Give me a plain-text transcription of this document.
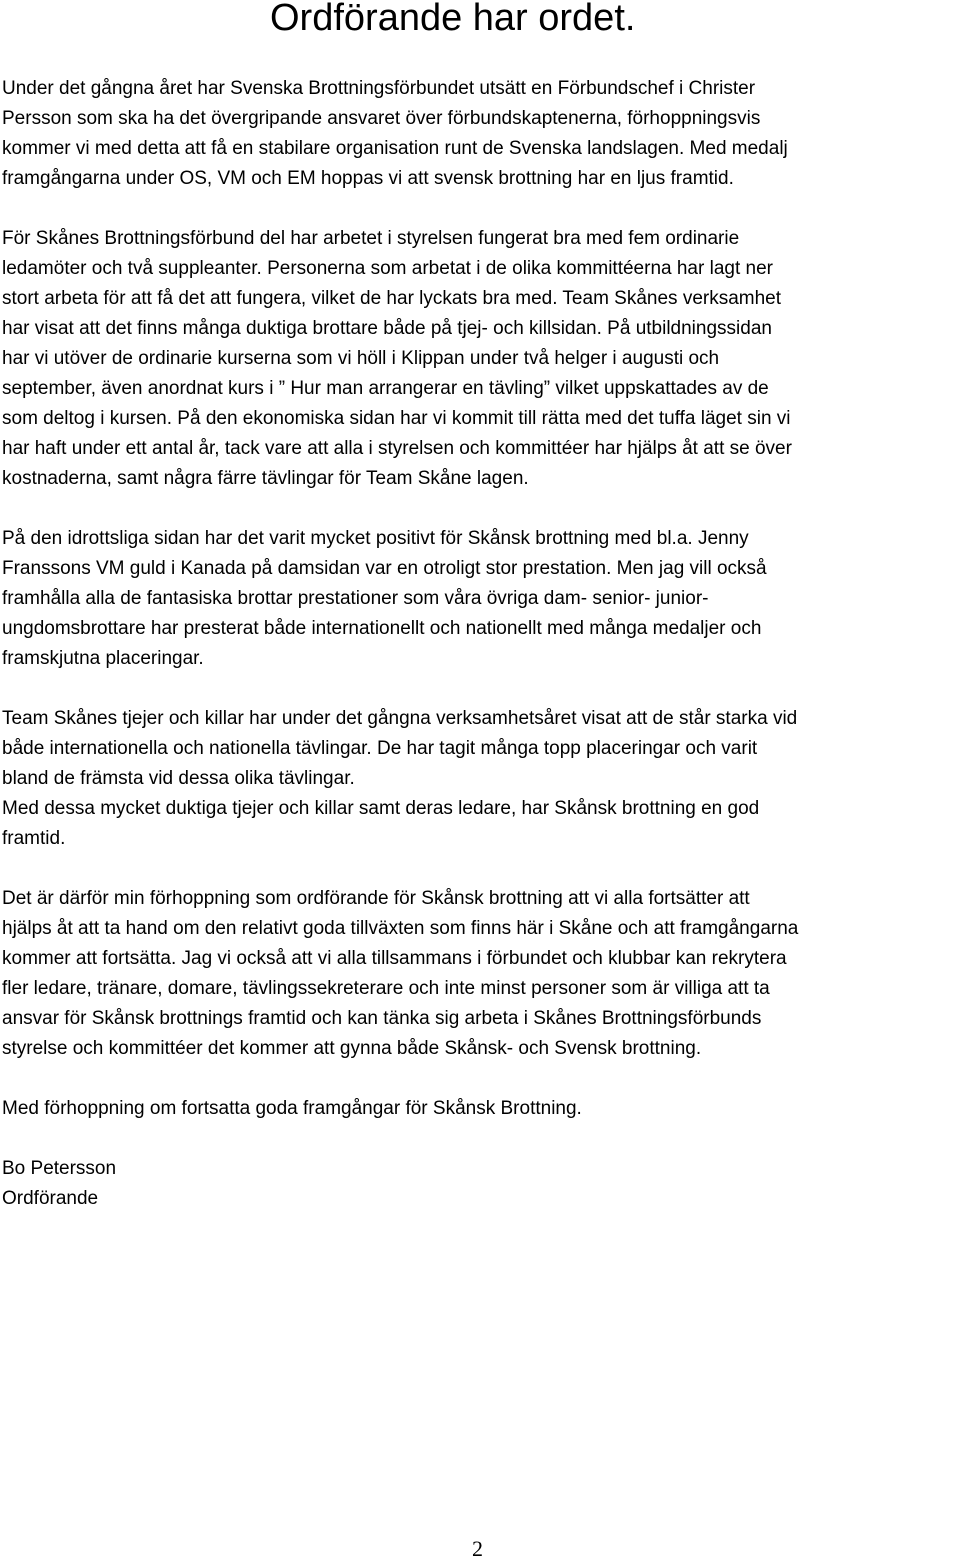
Ordförande har ordet.
Under det gångna året har Svenska Brottningsförbundet utsätt en Förbundschef i Christer
Persson som ska ha det övergripande ansvaret över förbundskaptenerna, förhoppningsvis
kommer vi med detta att få en stabilare organisation runt de Svenska landslagen. Med medalj
framgångarna under OS, VM och EM hoppas vi att svensk brottning har en ljus framtid.
För Skånes Brottningsförbund del har arbetet i styrelsen fungerat bra med fem ordinarie
ledamöter och två suppleanter. Personerna som arbetat i de olika kommittéerna har lagt ner
stort arbeta för att få det att fungera, vilket de har lyckats bra med. Team Skånes verksamhet
har visat att det finns många duktiga brottare både på tjej- och killsidan. På utbildningssidan
har vi utöver de ordinarie kurserna som vi höll i Klippan under två helger i augusti och
september, även anordnat kurs i ” Hur man arrangerar en tävling” vilket uppskattades av de
som deltog i kursen. På den ekonomiska sidan har vi kommit till rätta med det tuffa läget sin vi
har haft under ett antal år, tack vare att alla i styrelsen och kommittéer har hjälps åt att se över
kostnaderna, samt några färre tävlingar för Team Skåne lagen.
På den idrottsliga sidan har det varit mycket positivt för Skånsk brottning med bl.a. Jenny
Franssons VM guld i Kanada på damsidan var en otroligt stor prestation. Men jag vill också
framhålla alla de fantasiska brottar prestationer som våra övriga dam- senior- junior-
ungdomsbrottare har presterat både internationellt och nationellt med många medaljer och
framskjutna placeringar.
Team Skånes tjejer och killar har under det gångna verksamhetsåret visat att de står starka vid
både internationella och nationella tävlingar. De har tagit många topp placeringar och varit
bland de främsta vid dessa olika tävlingar.
Med dessa mycket duktiga tjejer och killar samt deras ledare, har Skånsk brottning en god
framtid.
Det är därför min förhoppning som ordförande för Skånsk brottning att vi alla fortsätter att
hjälps åt att ta hand om den relativt goda tillväxten som finns här i Skåne och att framgångarna
kommer att fortsätta. Jag vi också att vi alla tillsammans i förbundet och klubbar kan rekrytera
fler ledare, tränare, domare, tävlingssekreterare och inte minst personer som är villiga att ta
ansvar för Skånsk brottnings framtid och kan tänka sig arbeta i Skånes Brottningsförbunds
styrelse och kommittéer det kommer att gynna både Skånsk- och Svensk brottning.
Med förhoppning om fortsatta goda framgångar för Skånsk Brottning.
Bo Petersson
Ordförande
2
